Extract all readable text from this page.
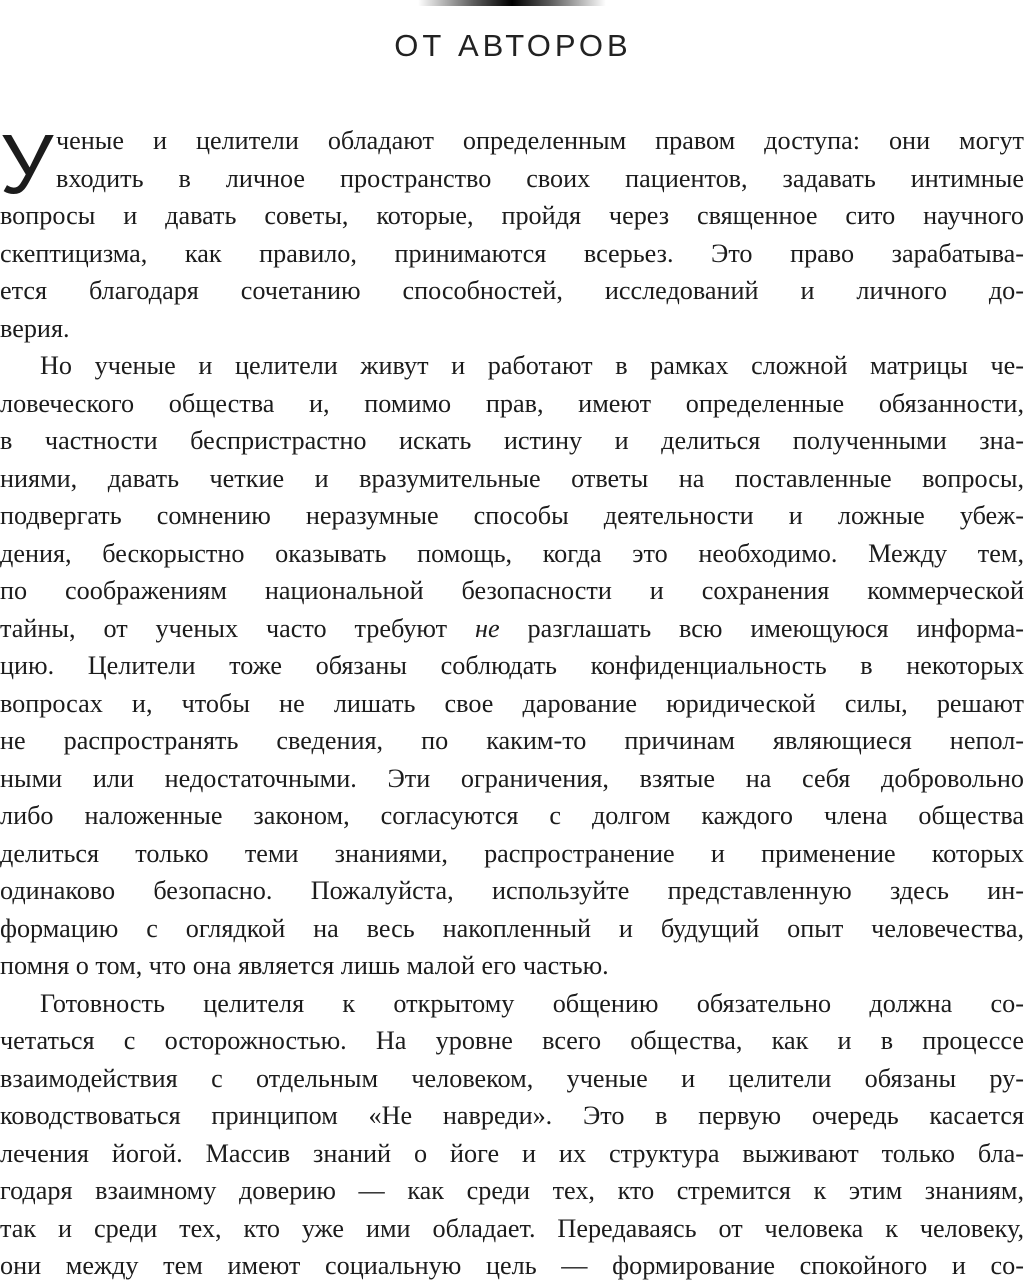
ОТ АВТОРОВ
У ченые и целители обладают определенным правом доступа: они могут
входить в личное пространство своих пациентов, задавать интимные
вопросы и давать советы, которые, пройдя через священное сито научного
скептицизма, как правило, принимаются всерьез. Это право зарабатыва-
ется благодаря сочетанию способностей, исследований и личного до-
верия.
Но ученые и целители живут и работают в рамках сложной матрицы че-
ловеческого общества и, помимо прав, имеют определенные обязанности,
в частности беспристрастно искать истину и делиться полученными зна-
ниями, давать четкие и вразумительные ответы на поставленные вопросы,
подвергать сомнению неразумные способы деятельности и ложные убеж-
дения, бескорыстно оказывать помощь, когда это необходимо. Между тем,
по соображениям национальной безопасности и сохранения коммерческой
тайны, от ученых часто требуют не разглашать всю имеющуюся информа-
цию. Целители тоже обязаны соблюдать конфиденциальность в некоторых
вопросах и, чтобы не лишать свое дарование юридической силы, решают
не распространять сведения, по каким-то причинам являющиеся непол-
ными или недостаточными. Эти ограничения, взятые на себя добровольно
либо наложенные законом, согласуются с долгом каждого члена общества
делиться только теми знаниями, распространение и применение которых
одинаково безопасно. Пожалуйста, используйте представленную здесь ин-
формацию с оглядкой на весь накопленный и будущий опыт человечества,
помня о том, что она является лишь малой его частью.
Готовность целителя к открытому общению обязательно должна со-
четаться с осторожностью. На уровне всего общества, как и в процессе
взаимодействия с отдельным человеком, ученые и целители обязаны ру-
ководствоваться принципом «Не навреди». Это в первую очередь касается
лечения йогой. Массив знаний о йоге и их структура выживают только бла-
годаря взаимному доверию — как среди тех, кто стремится к этим знаниям,
так и среди тех, кто уже ими обладает. Передаваясь от человека к человеку,
они между тем имеют социальную цель — формирование спокойного и со-
